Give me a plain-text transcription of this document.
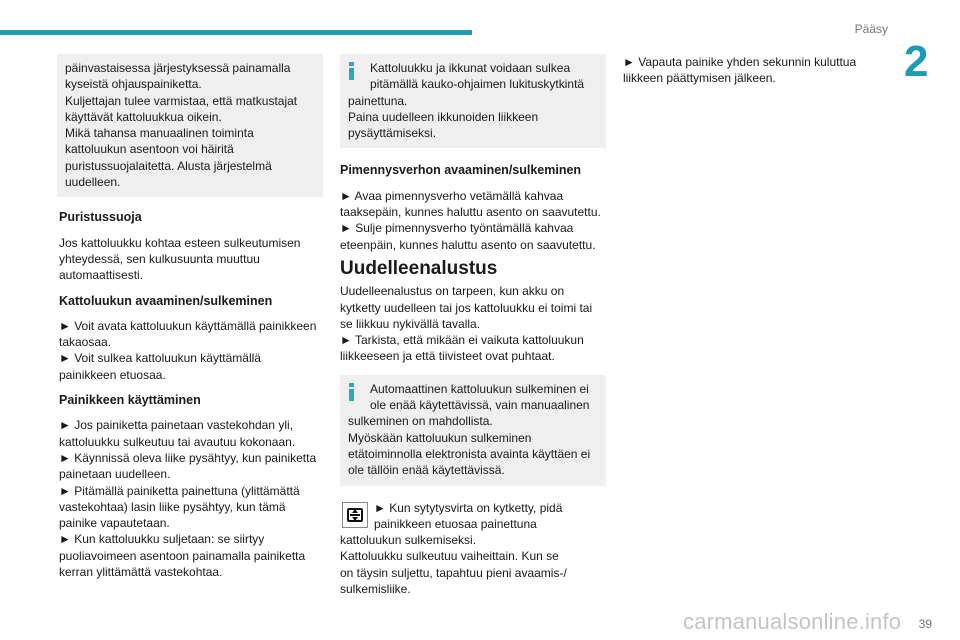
Pääsy
2

päinvastaisessa järjestyksessä painamalla

kyseistä ohjauspainiketta.

Kuljettajan tulee varmistaa, että matkustajat

käyttävät kattoluukkua oikein.

Mikä tahansa manuaalinen toiminta

kattoluukun asentoon voi häiritä

puristussuojalaitetta. Alusta järjestelmä

uudelleen.

Puristussuoja

Jos kattoluukku kohtaa esteen sulkeutumisen

yhteydessä, sen kulkusuunta muuttuu

automaattisesti.

Kattoluukun avaaminen/sulkeminen

► Voit avata kattoluukun käyttämällä painikkeen

takaosaa.

► Voit sulkea kattoluukun käyttämällä

painikkeen etuosaa.

Painikkeen käyttäminen

► Jos painiketta painetaan vastekohdan yli,

kattoluukku sulkeutuu tai avautuu kokonaan.

► Käynnissä oleva liike pysähtyy, kun painiketta

painetaan uudelleen.

► Pitämällä painiketta painettuna (ylittämättä

vastekohtaa) lasin liike pysähtyy, kun tämä

painike vapautetaan.

► Kun kattoluukku suljetaan: se siirtyy

puoliavoimeen asentoon painamalla painiketta

kerran ylittämättä vastekohtaa.

Kattoluukku ja ikkunat voidaan sulkea

pitämällä kauko-ohjaimen lukituskytkintä

painettuna.

Paina uudelleen ikkunoiden liikkeen

pysäyttämiseksi.

Pimennysverhon avaaminen/sulkeminen

► Avaa pimennysverho vetämällä kahvaa

taaksepäin, kunnes haluttu asento on saavutettu.

► Sulje pimennysverho työntämällä kahvaa

eteenpäin, kunnes haluttu asento on saavutettu.

Uudelleenalustus

Uudelleenalustus on tarpeen, kun akku on

kytketty uudelleen tai jos kattoluukku ei toimi tai

se liikkuu nykivällä tavalla.

► Tarkista, että mikään ei vaikuta kattoluukun

liikkeeseen ja että tiivisteet ovat puhtaat.

Automaattinen kattoluukun sulkeminen ei

ole enää käytettävissä, vain manuaalinen

sulkeminen on mahdollista.

Myöskään kattoluukun sulkeminen

etätoiminnolla elektronista avainta käyttäen ei

ole tällöin enää käytettävissä.

► Kun sytytysvirta on kytketty, pidä

painikkeen etuosaa painettuna

kattoluukun sulkemiseksi.

Kattoluukku sulkeutuu vaiheittain. Kun se

on täysin suljettu, tapahtuu pieni avaamis-/

sulkemisliike.

► Vapauta painike yhden sekunnin kuluttua

liikkeen päättymisen jälkeen.

39
carmanualsonline.info
